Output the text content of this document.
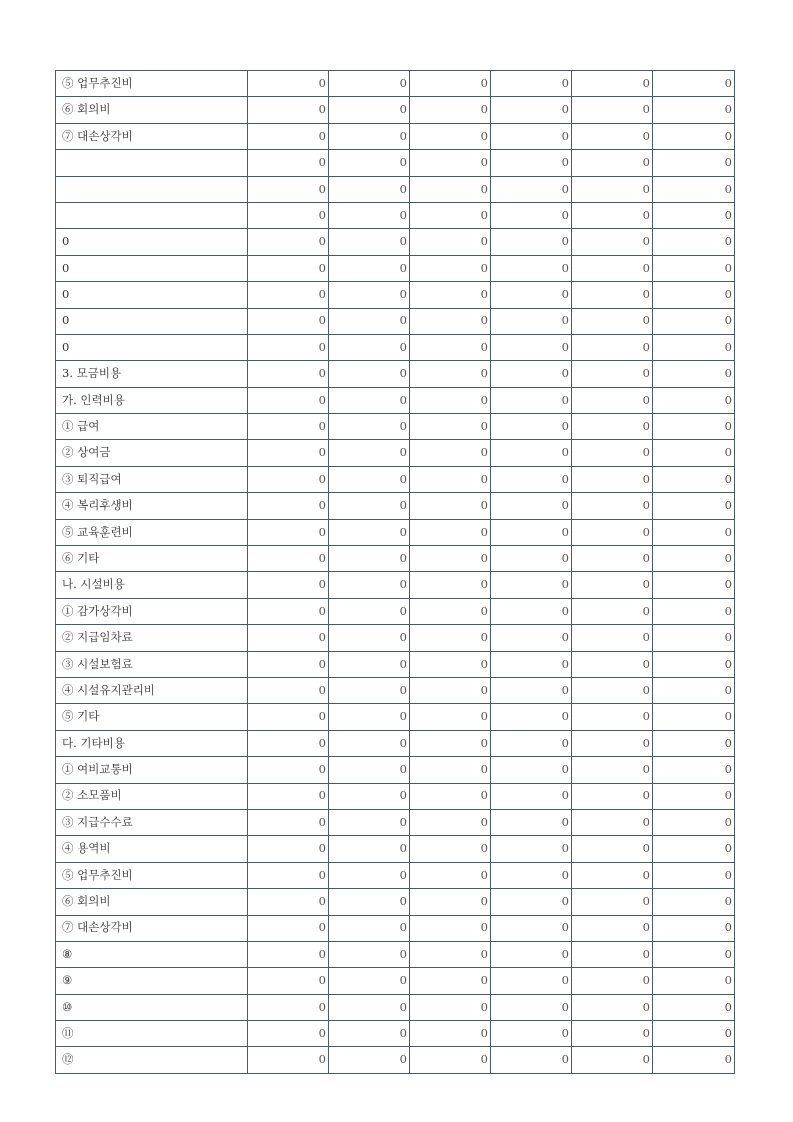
⑤ 업무추진비	0	0	0	0	0	0
⑥ 회의비	0	0	0	0	0	0
⑦ 대손상각비	0	0	0	0	0	0
	0	0	0	0	0	0
	0	0	0	0	0	0
	0	0	0	0	0	0
0	0	0	0	0	0	0
0	0	0	0	0	0	0
0	0	0	0	0	0	0
0	0	0	0	0	0	0
0	0	0	0	0	0	0
3. 모금비용	0	0	0	0	0	0
가. 인력비용	0	0	0	0	0	0
① 급여	0	0	0	0	0	0
② 상여금	0	0	0	0	0	0
③ 퇴직급여	0	0	0	0	0	0
④ 복리후생비	0	0	0	0	0	0
⑤ 교육훈련비	0	0	0	0	0	0
⑥ 기타	0	0	0	0	0	0
나. 시설비용	0	0	0	0	0	0
① 감가상각비	0	0	0	0	0	0
② 지급임차료	0	0	0	0	0	0
③ 시설보험료	0	0	0	0	0	0
④ 시설유지관리비	0	0	0	0	0	0
⑤ 기타	0	0	0	0	0	0
다. 기타비용	0	0	0	0	0	0
① 여비교통비	0	0	0	0	0	0
② 소모품비	0	0	0	0	0	0
③ 지급수수료	0	0	0	0	0	0
④ 용역비	0	0	0	0	0	0
⑤ 업무추진비	0	0	0	0	0	0
⑥ 회의비	0	0	0	0	0	0
⑦ 대손상각비	0	0	0	0	0	0
⑧	0	0	0	0	0	0
⑨	0	0	0	0	0	0
⑩	0	0	0	0	0	0
⑪	0	0	0	0	0	0
⑫	0	0	0	0	0	0
